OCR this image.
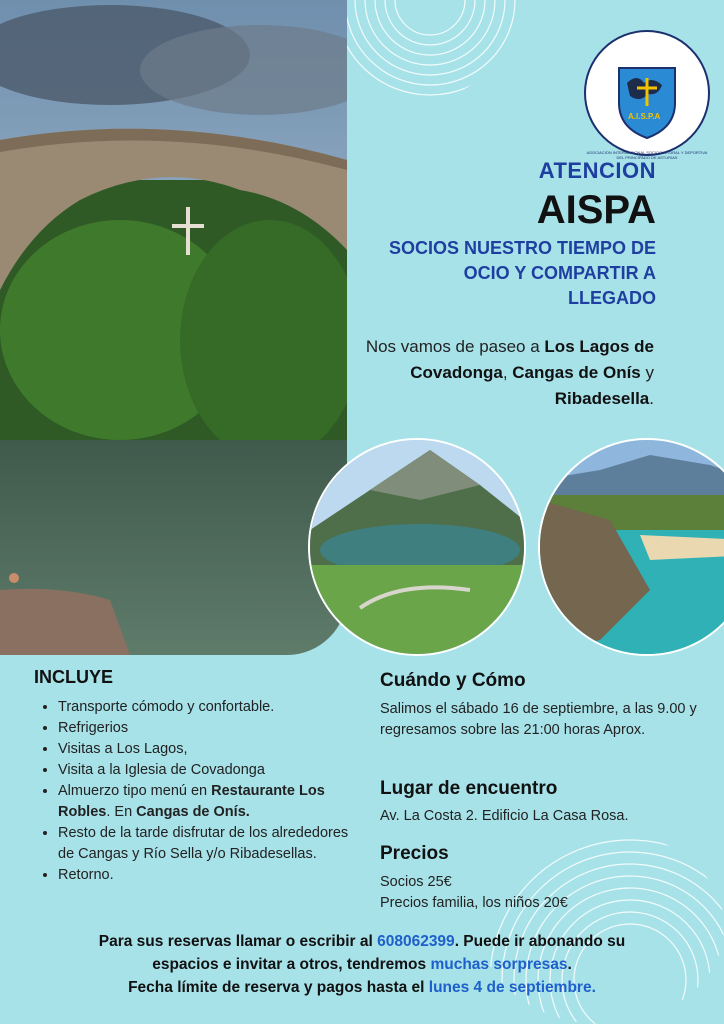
A.I.S.P.A
ASOCIACION INTERNACIONAL SOCIOCULTURAL Y DEPORTIVA DEL PRINCIPADO DE ASTURIAS
ATENCION
AISPA
SOCIOS NUESTRO TIEMPO DE OCIO Y COMPARTIR A LLEGADO
Nos vamos de paseo a Los Lagos de Covadonga, Cangas de Onís y Ribadesella.
INCLUYE
• Transporte cómodo y confortable.
• Refrigerios
• Visitas a Los Lagos,
• Visita a la Iglesia de Covadonga
• Almuerzo tipo menú en Restaurante Los Robles. En Cangas de Onís.
• Resto de la tarde disfrutar de los alrededores de Cangas y Río Sella y/o Ribadesellas.
• Retorno.
Cuándo y Cómo
Salimos el sábado 16 de septiembre, a las 9.00 y regresamos sobre las 21:00 horas Aprox.
Lugar de encuentro
Av. La Costa 2. Edificio La Casa Rosa.
Precios
Socios 25€
Precios familia, los niños 20€
Para sus reservas llamar o escribir al 608062399. Puede ir abonando su
espacios e invitar a otros, tendremos muchas sorpresas.
Fecha límite de reserva y pagos hasta el lunes 4 de septiembre.
